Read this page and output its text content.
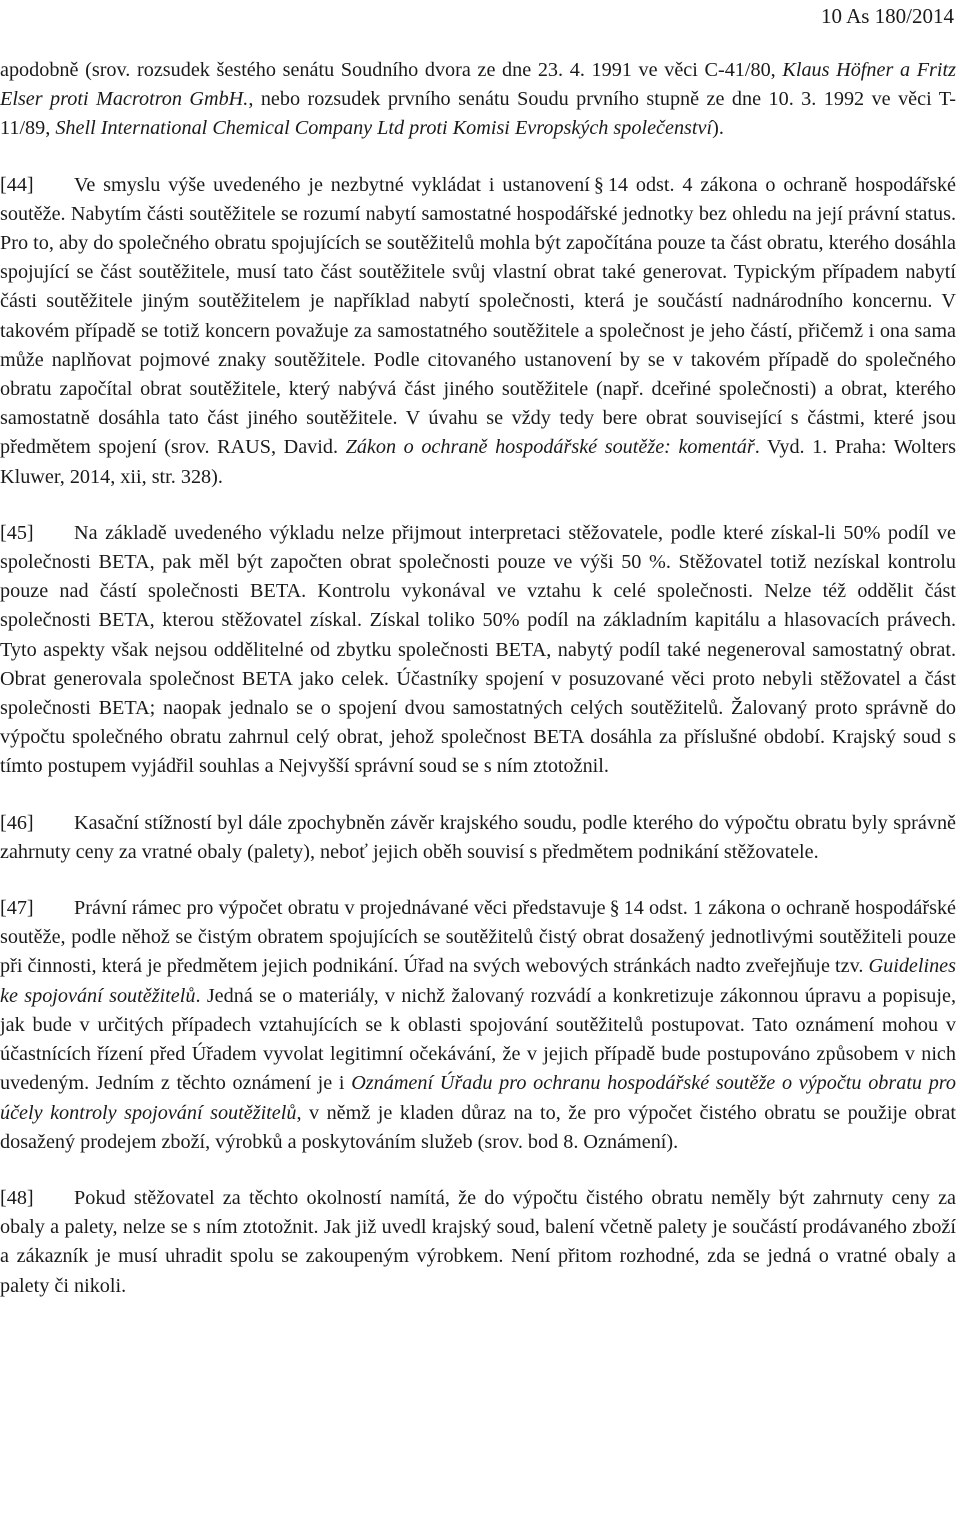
10 As 180/2014

apodobně (srov. rozsudek šestého senátu Soudního dvora ze dne 23. 4. 1991 ve věci C-41/80, Klaus Höfner a Fritz Elser proti Macrotron GmbH., nebo rozsudek prvního senátu Soudu prvního stupně ze dne 10. 3. 1992 ve věci T-11/89, Shell International Chemical Company Ltd proti Komisi Evropských společenství).

[44] Ve smyslu výše uvedeného je nezbytné vykládat i ustanovení § 14 odst. 4 zákona o ochraně hospodářské soutěže. Nabytím části soutěžitele se rozumí nabytí samostatné hospodářské jednotky bez ohledu na její právní status. Pro to, aby do společného obratu spojujících se soutěžitelů mohla být započítána pouze ta část obratu, kterého dosáhla spojující se část soutěžitele, musí tato část soutěžitele svůj vlastní obrat také generovat. Typickým případem nabytí části soutěžitele jiným soutěžitelem je například nabytí společnosti, která je součástí nadnárodního koncernu. V takovém případě se totiž koncern považuje za samostatného soutěžitele a společnost je jeho částí, přičemž i ona sama může naplňovat pojmové znaky soutěžitele. Podle citovaného ustanovení by se v takovém případě do společného obratu započítal obrat soutěžitele, který nabývá část jiného soutěžitele (např. dceřiné společnosti) a obrat, kterého samostatně dosáhla tato část jiného soutěžitele. V úvahu se vždy tedy bere obrat související s částmi, které jsou předmětem spojení (srov. RAUS, David. Zákon o ochraně hospodářské soutěže: komentář. Vyd. 1. Praha: Wolters Kluwer, 2014, xii, str. 328).

[45] Na základě uvedeného výkladu nelze přijmout interpretaci stěžovatele, podle které získal-li 50% podíl ve společnosti BETA, pak měl být započten obrat společnosti pouze ve výši 50 %. Stěžovatel totiž nezískal kontrolu pouze nad částí společnosti BETA. Kontrolu vykonával ve vztahu k celé společnosti. Nelze též oddělit část společnosti BETA, kterou stěžovatel získal. Získal toliko 50% podíl na základním kapitálu a hlasovacích právech. Tyto aspekty však nejsou oddělitelné od zbytku společnosti BETA, nabytý podíl také negeneroval samostatný obrat. Obrat generovala společnost BETA jako celek. Účastníky spojení v posuzované věci proto nebyli stěžovatel a část společnosti BETA; naopak jednalo se o spojení dvou samostatných celých soutěžitelů. Žalovaný proto správně do výpočtu společného obratu zahrnul celý obrat, jehož společnost BETA dosáhla za příslušné období. Krajský soud s tímto postupem vyjádřil souhlas a Nejvyšší správní soud se s ním ztotožnil.

[46] Kasační stížností byl dále zpochybněn závěr krajského soudu, podle kterého do výpočtu obratu byly správně zahrnuty ceny za vratné obaly (palety), neboť jejich oběh souvisí s předmětem podnikání stěžovatele.

[47] Právní rámec pro výpočet obratu v projednávané věci představuje § 14 odst. 1 zákona o ochraně hospodářské soutěže, podle něhož se čistým obratem spojujících se soutěžitelů čistý obrat dosažený jednotlivými soutěžiteli pouze při činnosti, která je předmětem jejich podnikání. Úřad na svých webových stránkách nadto zveřejňuje tzv. Guidelines ke spojování soutěžitelů. Jedná se o materiály, v nichž žalovaný rozvádí a konkretizuje zákonnou úpravu a popisuje, jak bude v určitých případech vztahujících se k oblasti spojování soutěžitelů postupovat. Tato oznámení mohou v účastnících řízení před Úřadem vyvolat legitimní očekávání, že v jejich případě bude postupováno způsobem v nich uvedeným. Jedním z těchto oznámení je i Oznámení Úřadu pro ochranu hospodářské soutěže o výpočtu obratu pro účely kontroly spojování soutěžitelů, v němž je kladen důraz na to, že pro výpočet čistého obratu se použije obrat dosažený prodejem zboží, výrobků a poskytováním služeb (srov. bod 8. Oznámení).

[48] Pokud stěžovatel za těchto okolností namítá, že do výpočtu čistého obratu neměly být zahrnuty ceny za obaly a palety, nelze se s ním ztotožnit. Jak již uvedl krajský soud, balení včetně palety je součástí prodávaného zboží a zákazník je musí uhradit spolu se zakoupeným výrobkem. Není přitom rozhodné, zda se jedná o vratné obaly a palety či nikoli.
